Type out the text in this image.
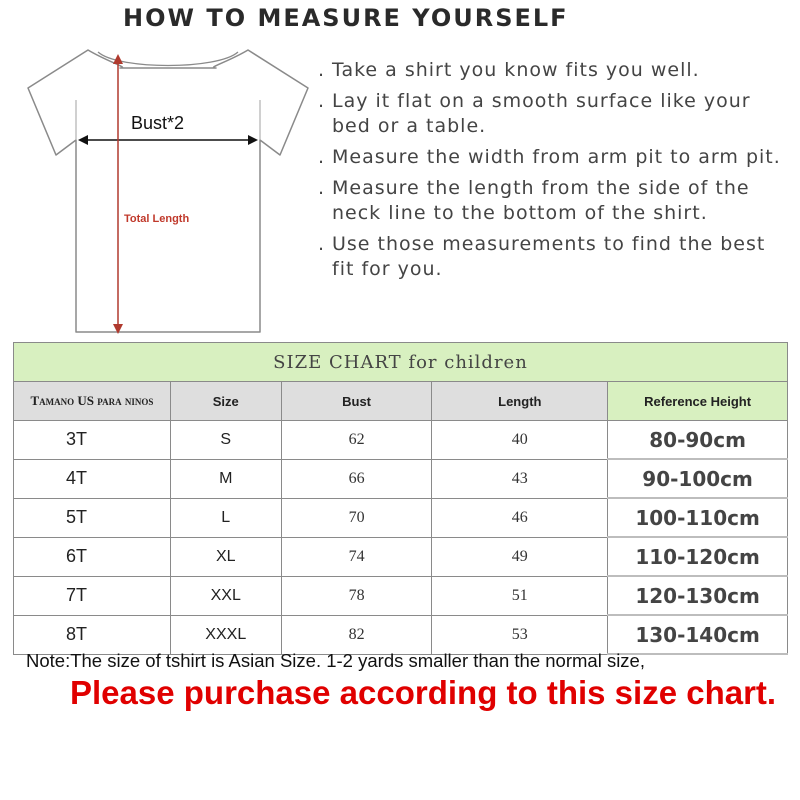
HOW TO MEASURE YOURSELF
Bust*2
Total Length

. Take a shirt you know fits you well.

. Lay it flat on a smooth surface like your bed or a table.

. Measure the width from arm pit to arm pit.

. Measure the length from the side of the neck line to the bottom of the shirt.

. Use those measurements to find the best fit for you.

SIZE CHART for children				
Tamano US para ninos	Size	Bust	Length	Reference Height
3T	S	62	40	80-90cm
4T	M	66	43	90-100cm
5T	L	70	46	100-110cm
6T	XL	74	49	110-120cm
7T	XXL	78	51	120-130cm
8T	XXXL	82	53	130-140cm
Note:The size of tshirt is Asian Size. 1-2 yards smaller than the normal size,
Please purchase according to this size chart.
